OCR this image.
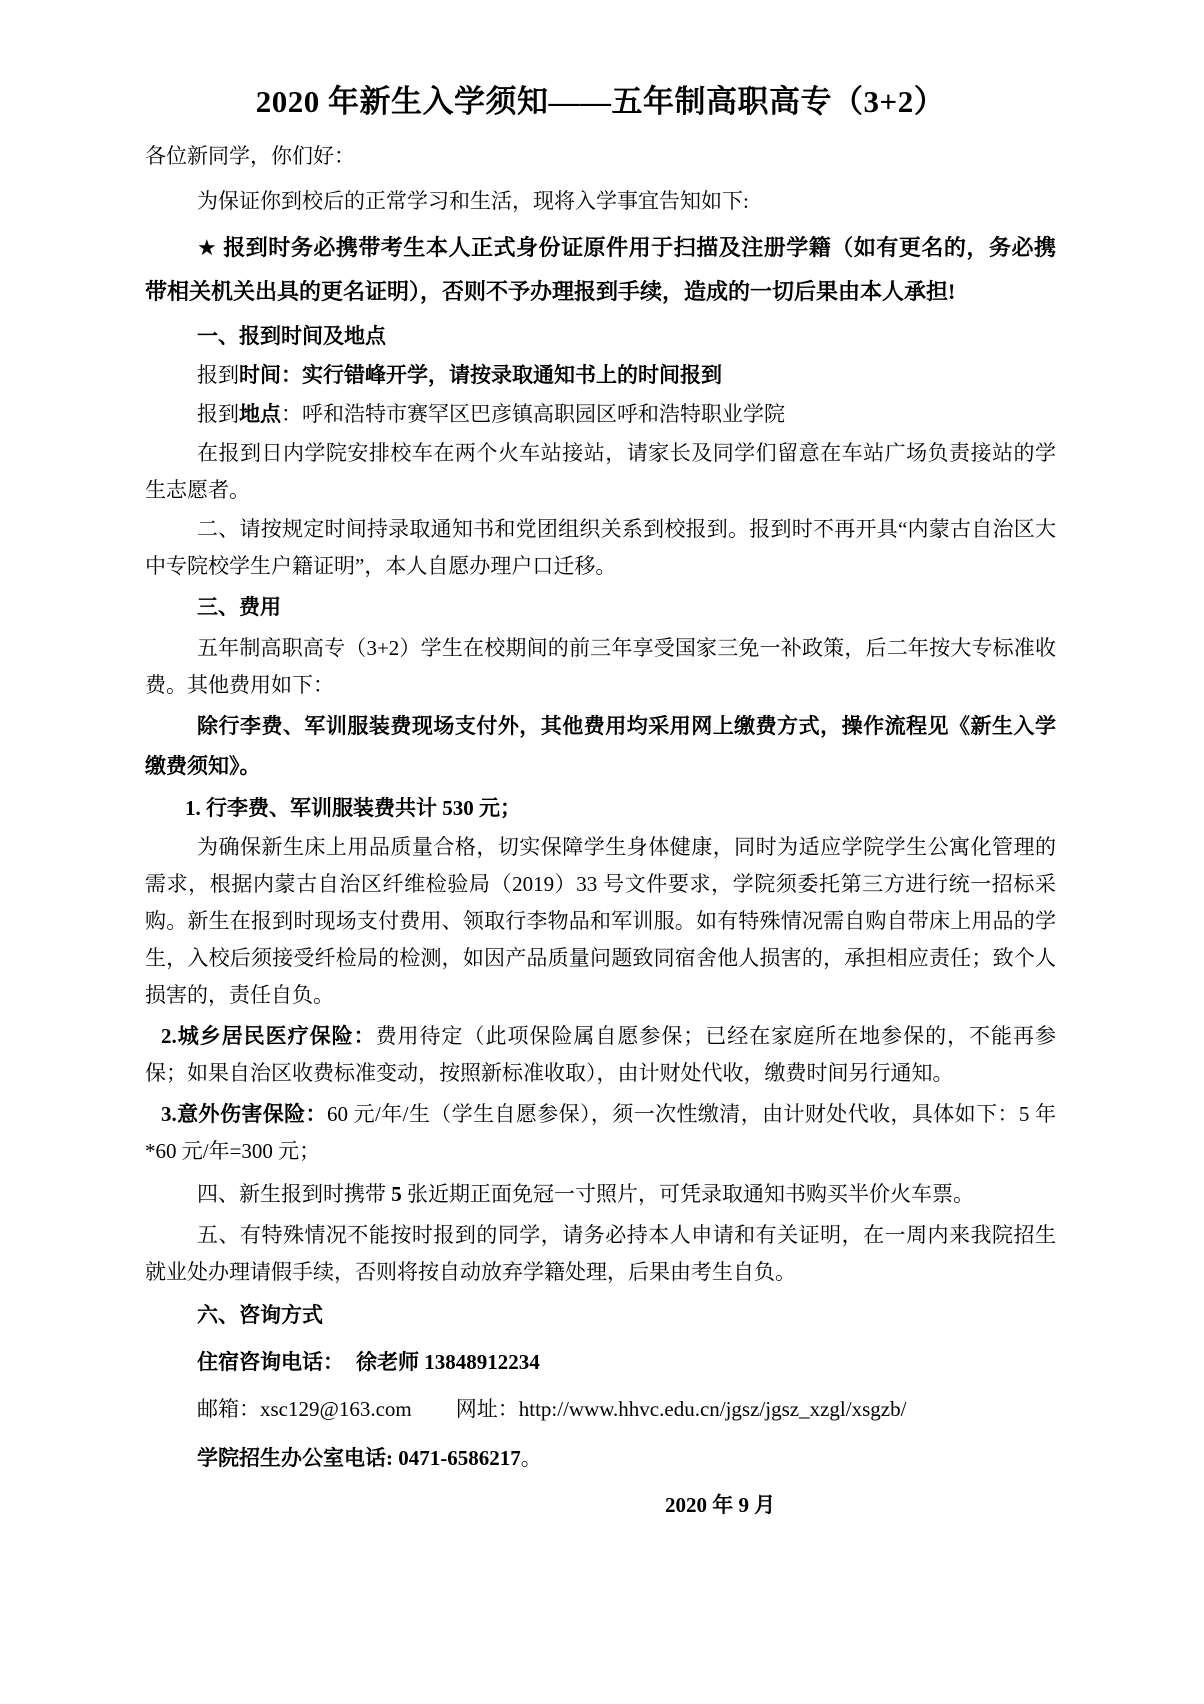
2020 年新生入学须知——五年制高职高专（3+2）

各位新同学，你们好：

为保证你到校后的正常学习和生活，现将入学事宜告知如下:

★ 报到时务必携带考生本人正式身份证原件用于扫描及注册学籍（如有更名的，务必携带相关机关出具的更名证明），否则不予办理报到手续，造成的一切后果由本人承担!

一、报到时间及地点

报到时间：实行错峰开学，请按录取通知书上的时间报到

报到地点：呼和浩特市赛罕区巴彦镇高职园区呼和浩特职业学院

在报到日内学院安排校车在两个火车站接站，请家长及同学们留意在车站广场负责接站的学生志愿者。

二、请按规定时间持录取通知书和党团组织关系到校报到。报到时不再开具“内蒙古自治区大中专院校学生户籍证明”，本人自愿办理户口迁移。

三、费用

五年制高职高专（3+2）学生在校期间的前三年享受国家三免一补政策，后二年按大专标准收费。其他费用如下：

除行李费、军训服装费现场支付外，其他费用均采用网上缴费方式，操作流程见《新生入学缴费须知》。

1. 行李费、军训服装费共计 530 元；

为确保新生床上用品质量合格，切实保障学生身体健康，同时为适应学院学生公寓化管理的需求，根据内蒙古自治区纤维检验局（2019）33 号文件要求，学院须委托第三方进行统一招标采购。新生在报到时现场支付费用、领取行李物品和军训服。如有特殊情况需自购自带床上用品的学生，入校后须接受纤检局的检测，如因产品质量问题致同宿舍他人损害的，承担相应责任；致个人损害的，责任自负。

2.城乡居民医疗保险：费用待定（此项保险属自愿参保；已经在家庭所在地参保的，不能再参保；如果自治区收费标准变动，按照新标准收取），由计财处代收，缴费时间另行通知。

3.意外伤害保险：60 元/年/生（学生自愿参保），须一次性缴清，由计财处代收，具体如下：5 年*60 元/年=300 元；

四、新生报到时携带 5 张近期正面免冠一寸照片，可凭录取通知书购买半价火车票。

五、有特殊情况不能按时报到的同学，请务必持本人申请和有关证明，在一周内来我院招生就业处办理请假手续，否则将按自动放弃学籍处理，后果由考生自负。

六、咨询方式

住宿咨询电话： 徐老师 13848912234

邮箱：xsc129@163.com 网址：http://www.hhvc.edu.cn/jgsz/jgsz_xzgl/xsgzb/

学院招生办公室电话: 0471-6586217。

2020 年 9 月
